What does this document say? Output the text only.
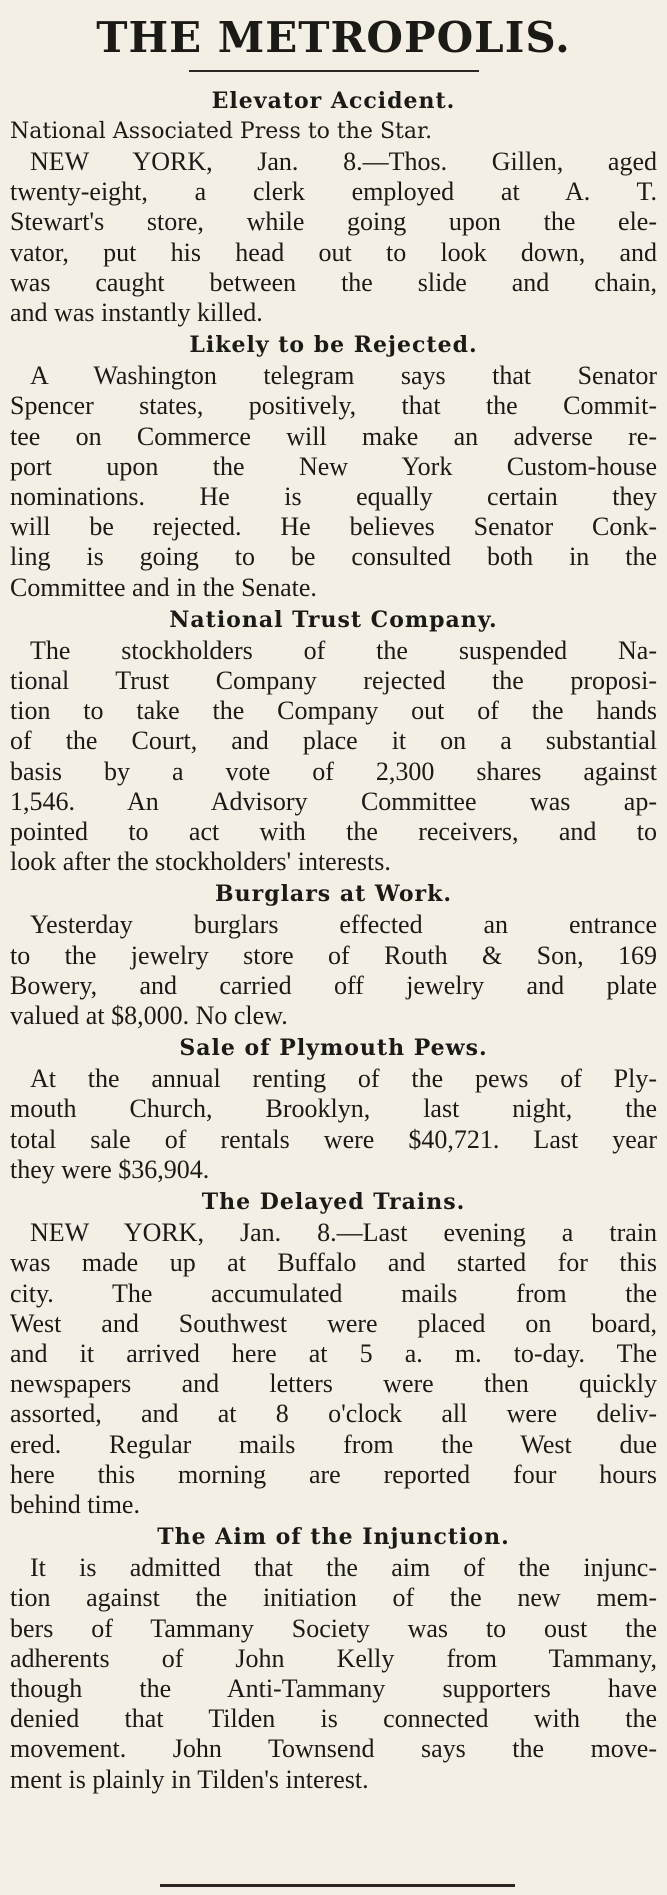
THE METROPOLIS.
Elevator Accident.
National Associated Press to the Star.
NEW YORK, Jan. 8.—Thos. Gillen, aged
twenty-eight, a clerk employed at A. T.
Stewart's store, while going upon the ele-
vator, put his head out to look down, and
was caught between the slide and chain,
and was instantly killed.
Likely to be Rejected.
A Washington telegram says that Senator
Spencer states, positively, that the Commit-
tee on Commerce will make an adverse re-
port upon the New York Custom-house
nominations. He is equally certain they
will be rejected. He believes Senator Conk-
ling is going to be consulted both in the
Committee and in the Senate.
National Trust Company.
The stockholders of the suspended Na-
tional Trust Company rejected the proposi-
tion to take the Company out of the hands
of the Court, and place it on a substantial
basis by a vote of 2,300 shares against
1,546. An Advisory Committee was ap-
pointed to act with the receivers, and to
look after the stockholders' interests.
Burglars at Work.
Yesterday burglars effected an entrance
to the jewelry store of Routh & Son, 169
Bowery, and carried off jewelry and plate
valued at $8,000. No clew.
Sale of Plymouth Pews.
At the annual renting of the pews of Ply-
mouth Church, Brooklyn, last night, the
total sale of rentals were $40,721. Last year
they were $36,904.
The Delayed Trains.
NEW YORK, Jan. 8.—Last evening a train
was made up at Buffalo and started for this
city. The accumulated mails from the
West and Southwest were placed on board,
and it arrived here at 5 a. m. to-day. The
newspapers and letters were then quickly
assorted, and at 8 o'clock all were deliv-
ered. Regular mails from the West due
here this morning are reported four hours
behind time.
The Aim of the Injunction.
It is admitted that the aim of the injunc-
tion against the initiation of the new mem-
bers of Tammany Society was to oust the
adherents of John Kelly from Tammany,
though the Anti-Tammany supporters have
denied that Tilden is connected with the
movement. John Townsend says the move-
ment is plainly in Tilden's interest.
